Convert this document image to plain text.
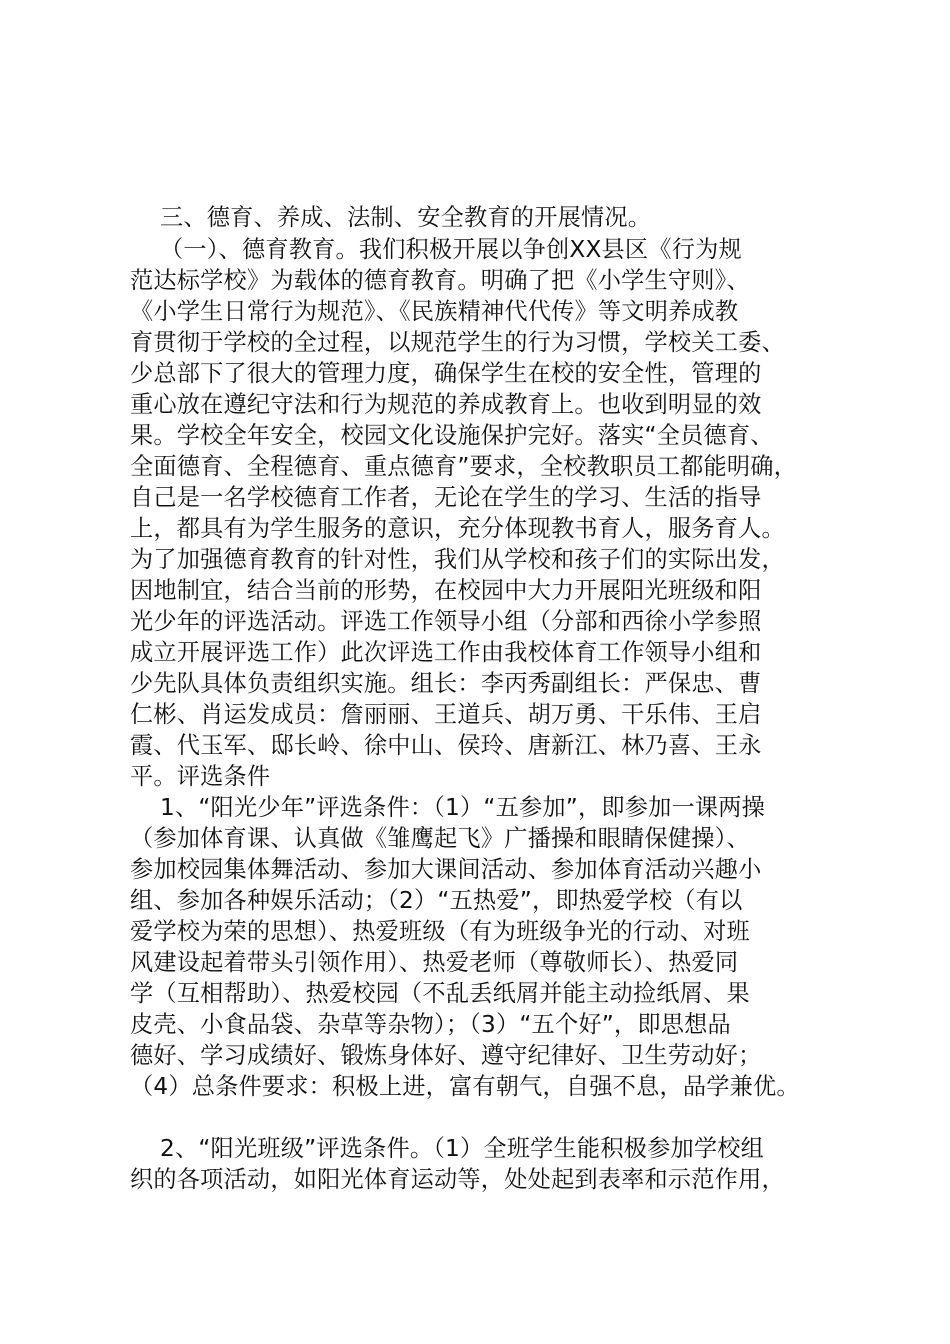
三、德育、养成、法制、安全教育的开展情况。
（一）、德育教育。我们积极开展以争创XX县区《行为规
范达标学校》为载体的德育教育。明确了把《小学生守则》、
《小学生日常行为规范》、《民族精神代代传》等文明养成教
育贯彻于学校的全过程，以规范学生的行为习惯，学校关工委、
少总部下了很大的管理力度，确保学生在校的安全性，管理的
重心放在遵纪守法和行为规范的养成教育上。也收到明显的效
果。学校全年安全，校园文化设施保护完好。落实“全员德育、
全面德育、全程德育、重点德育”要求，全校教职员工都能明确，
自己是一名学校德育工作者，无论在学生的学习、生活的指导
上，都具有为学生服务的意识，充分体现教书育人，服务育人。
为了加强德育教育的针对性，我们从学校和孩子们的实际出发，
因地制宜，结合当前的形势，在校园中大力开展阳光班级和阳
光少年的评选活动。评选工作领导小组（分部和西徐小学参照
成立开展评选工作）此次评选工作由我校体育工作领导小组和
少先队具体负责组织实施。组长：李丙秀副组长：严保忠、曹
仁彬、肖运发成员：詹丽丽、王道兵、胡万勇、干乐伟、王启
霞、代玉军、邸长岭、徐中山、侯玲、唐新江、林乃喜、王永
平。评选条件
1、“阳光少年”评选条件：（1）“五参加”，即参加一课两操
（参加体育课、认真做《雏鹰起飞》广播操和眼睛保健操）、
参加校园集体舞活动、参加大课间活动、参加体育活动兴趣小
组、参加各种娱乐活动；（2）“五热爱”，即热爱学校（有以
爱学校为荣的思想）、热爱班级（有为班级争光的行动、对班
风建设起着带头引领作用）、热爱老师（尊敬师长）、热爱同
学（互相帮助）、热爱校园（不乱丢纸屑并能主动捡纸屑、果
皮壳、小食品袋、杂草等杂物）；（3）“五个好”，即思想品
德好、学习成绩好、锻炼身体好、遵守纪律好、卫生劳动好；
（4）总条件要求：积极上进，富有朝气，自强不息，品学兼优。
2、“阳光班级”评选条件。（1）全班学生能积极参加学校组
织的各项活动，如阳光体育运动等，处处起到表率和示范作用，
